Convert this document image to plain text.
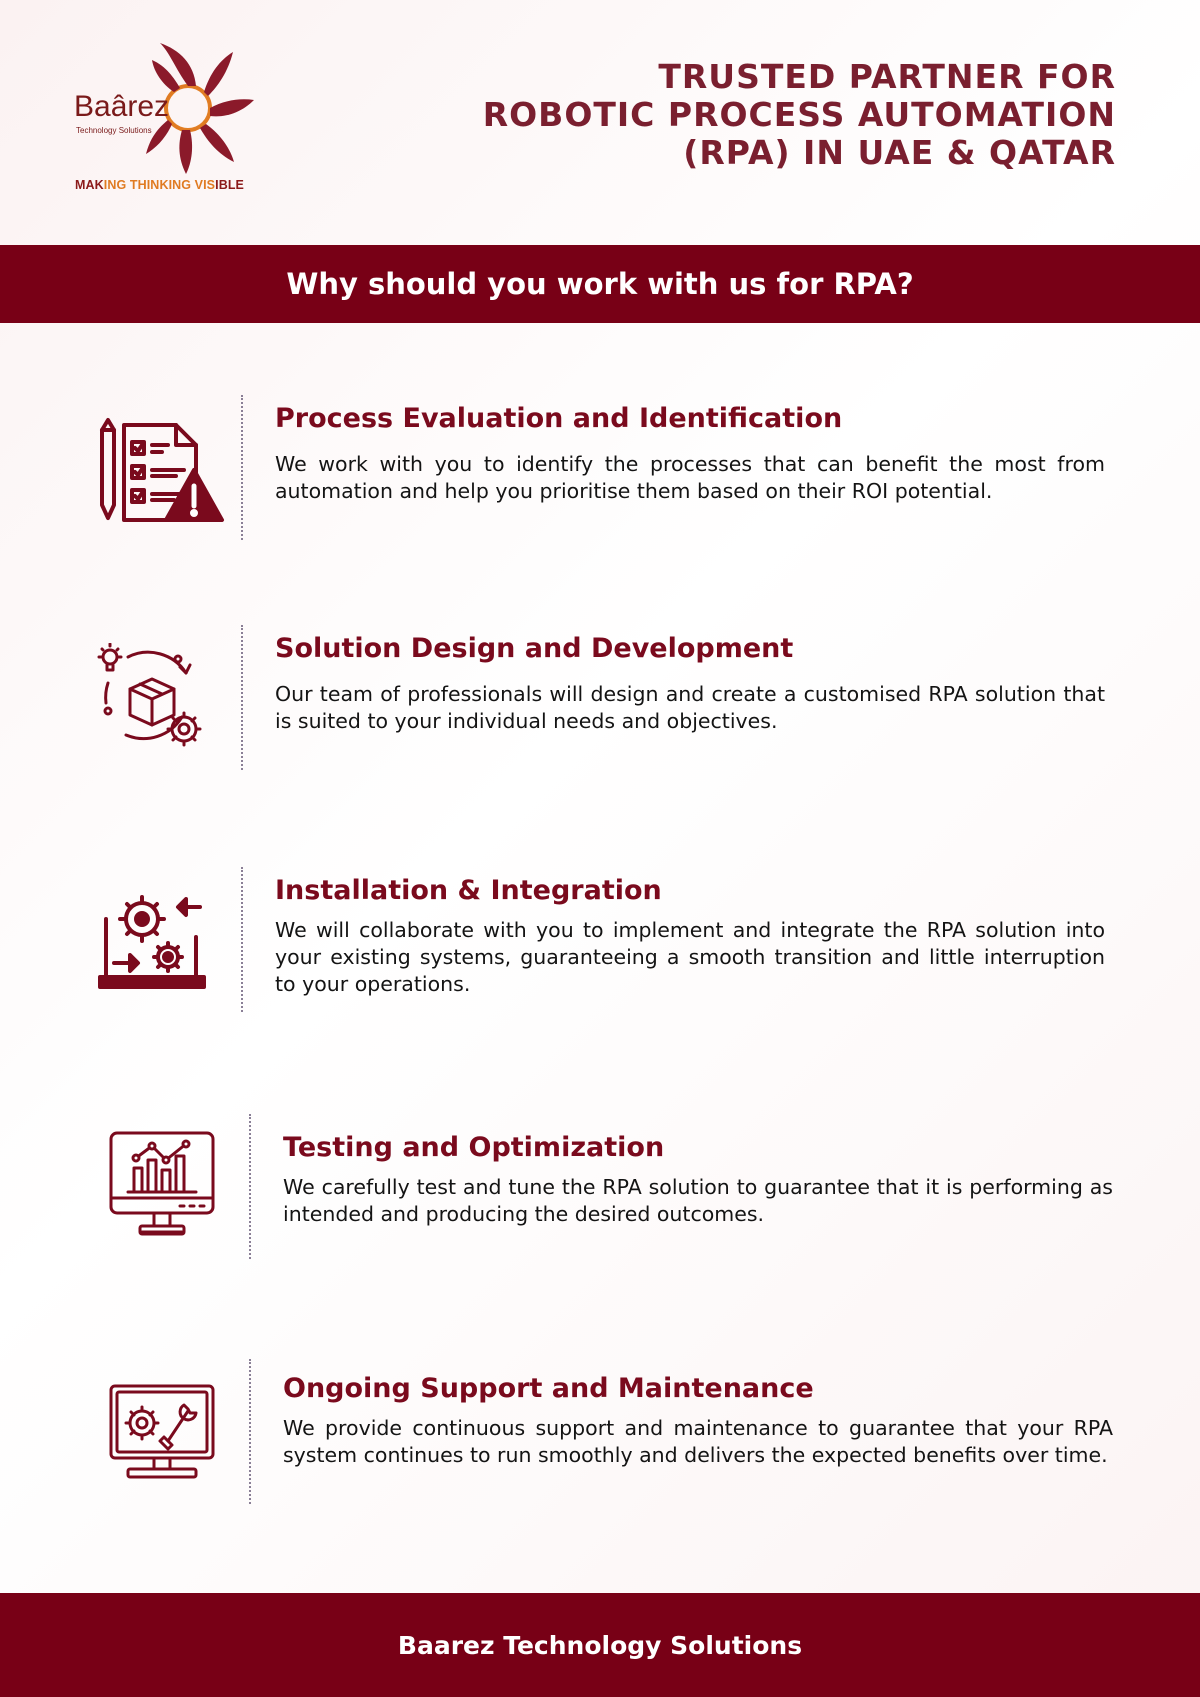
Baârez

Technology Solutions

MAKING THINKING VISIBLE

TRUSTED PARTNER FOR
ROBOTIC PROCESS AUTOMATION
(RPA) IN UAE & QATAR
Why should you work with us for RPA?
Process Evaluation and Identification

We work with you to identify the processes that can benefit the most from automation and help you prioritise them based on their ROI potential.

Solution Design and Development

Our team of professionals will design and create a customised RPA solution that is suited to your individual needs and objectives.

Installation & Integration

We will collaborate with you to implement and integrate the RPA solution into your existing systems, guaranteeing a smooth transition and little interruption to your operations.

Testing and Optimization

We carefully test and tune the RPA solution to guarantee that it is performing as intended and producing the desired outcomes.

Ongoing Support and Maintenance

We provide continuous support and maintenance to guarantee that your RPA system continues to run smoothly and delivers the expected benefits over time.

Baarez Technology Solutions
